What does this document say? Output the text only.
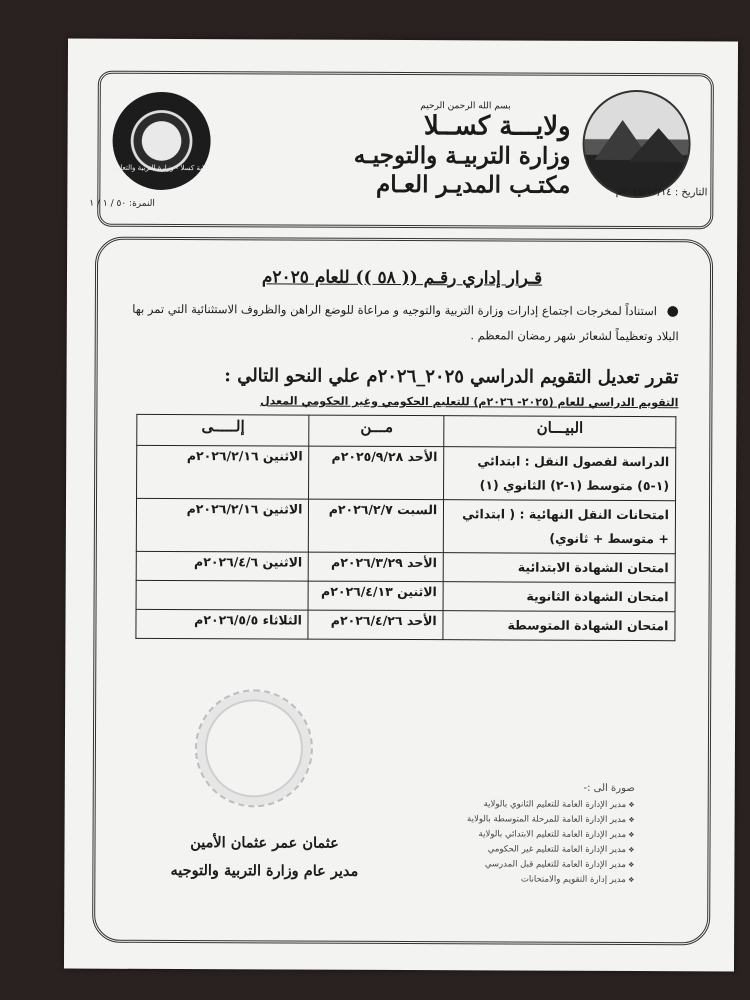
ولاية كسلا - وزارة التربية والتعليم
بسم الله الرحمن الرحيم
ولايـــة كســلا
وزارة التربيـة والتوجيـه
مكتـب المديـر العـام	التاريخ : ٢٠٢٥/١٢/١٤م
النمرة: ٥٠ / ١ / ١
قـرار إداري رقـم (( ٥٨ )) للعام ٢٠٢٥م
● استناداً لمخرجات اجتماع إدارات وزارة التربية والتوجيه و مراعاة للوضع الراهن والظروف الاستثنائية التي تمر بها البلاد وتعظيماً لشعائر شهر رمضان المعظم .
تقرر تعديل التقويم الدراسي ٢٠٢٥_٢٠٢٦م علي النحو التالي :
التقويم الدراسي للعام (٢٠٢٥- ٢٠٢٦م) للتعليم الحكومي وغير الحكومي المعدل
البيـــان	مـــن	إلـــــى
الدراسة لفصول النقل : ابتدائي (١-٥) متوسط (١-٢) الثانوي (١)	الأحد ٢٠٢٥/٩/٢٨م	الاثنين ٢٠٢٦/٢/١٦م
امتحانات النقل النهائية : ( ابتدائي + متوسط + ثانوي)	السبت ٢٠٢٦/٢/٧م	الاثنين ٢٠٢٦/٢/١٦م
امتحان الشهادة الابتدائية	الأحد ٢٠٢٦/٣/٢٩م	الاثنين ٢٠٢٦/٤/٦م
امتحان الشهادة الثانوية	الاثنين ٢٠٢٦/٤/١٣م	
امتحان الشهادة المتوسطة	الأحد ٢٠٢٦/٤/٢٦م	الثلاثاء ٢٠٢٦/٥/٥م
عثمان عمر عثمان الأمين
مدير عام وزارة التربية والتوجيه
صورة الى :-
❖ مدير الإدارة العامة للتعليم الثانوي بالولاية
❖ مدير الإدارة العامة للمرحلة المتوسطة بالولاية
❖ مدير الإدارة العامة للتعليم الابتدائي بالولاية
❖ مدير الإدارة العامة للتعليم غير الحكومي
❖ مدير الإدارة العامة للتعليم قبل المدرسي
❖ مدير إدارة التقويم والامتحانات
